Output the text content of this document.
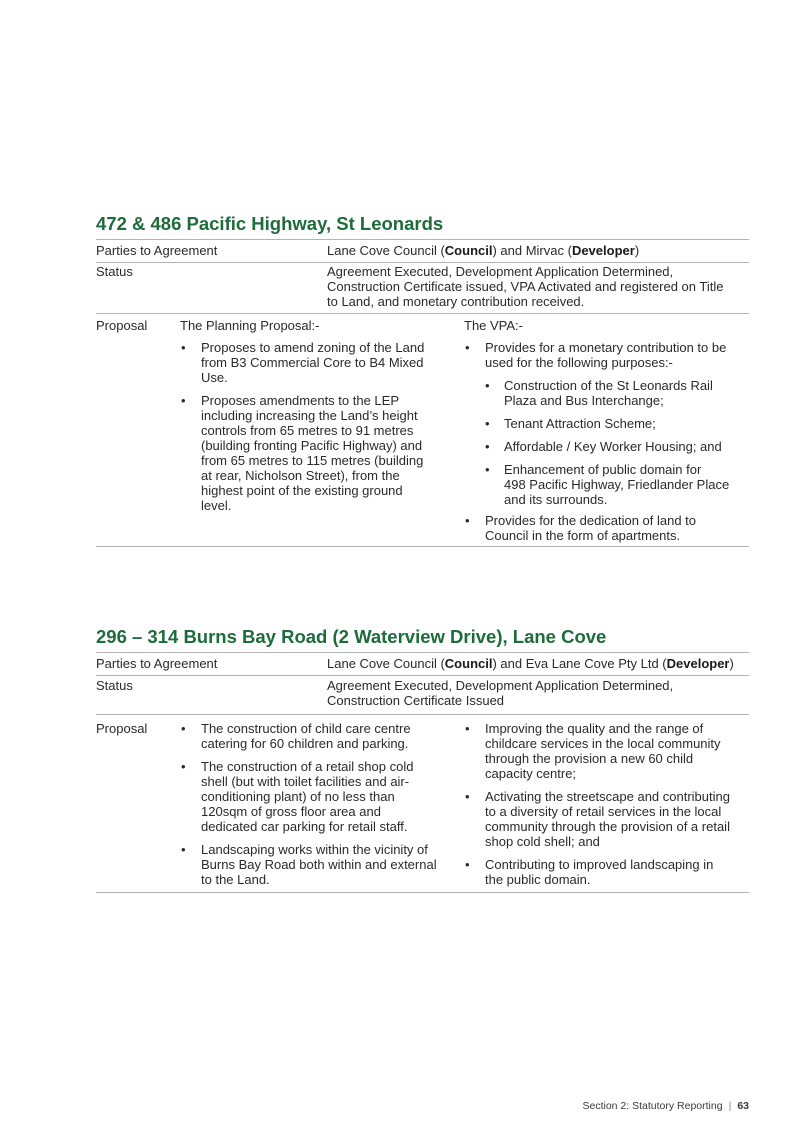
472 & 486 Pacific Highway, St Leonards

Parties to Agreement	Lane Cove Council (Council) and Mirvac (Developer)

Status	Agreement Executed, Development Application Determined,
Construction Certificate issued, VPA Activated and registered on Title
to Land, and monetary contribution received.

Proposal	The Planning Proposal:-

• Proposes to amend zoning of the Land
from B3 Commercial Core to B4 Mixed
Use.
• Proposes amendments to the LEP
including increasing the Land’s height
controls from 65 metres to 91 metres
(building fronting Pacific Highway) and
from 65 metres to 115 metres (building
at rear, Nicholson Street), from the
highest point of the existing ground
level.

The VPA:-

• Provides for a monetary contribution to be
used for the following purposes:-
• Construction of the St Leonards Rail
Plaza and Bus Interchange;
• Tenant Attraction Scheme;
• Affordable / Key Worker Housing; and
• Enhancement of public domain for
498 Pacific Highway, Friedlander Place
and its surrounds.
• Provides for the dedication of land to
Council in the form of apartments.
296 – 314 Burns Bay Road (2 Waterview Drive), Lane Cove

Parties to Agreement	Lane Cove Council (Council) and Eva Lane Cove Pty Ltd (Developer)

Status	Agreement Executed, Development Application Determined,
Construction Certificate Issued

Proposal

•	The construction of child care centre
catering for 60 children and parking.
• The construction of a retail shop cold
shell (but with toilet facilities and air-
conditioning plant) of no less than
120sqm of gross floor area and
dedicated car parking for retail staff.
• Landscaping works within the vicinity of
Burns Bay Road both within and external
to the Land.
• Improving the quality and the range of
childcare services in the local community
through the provision a new 60 child
capacity centre;
• Activating the streetscape and contributing
to a diversity of retail services in the local
community through the provision of a retail
shop cold shell; and
• Contributing to improved landscaping in
the public domain.
Section 2: Statutory Reporting | 63
